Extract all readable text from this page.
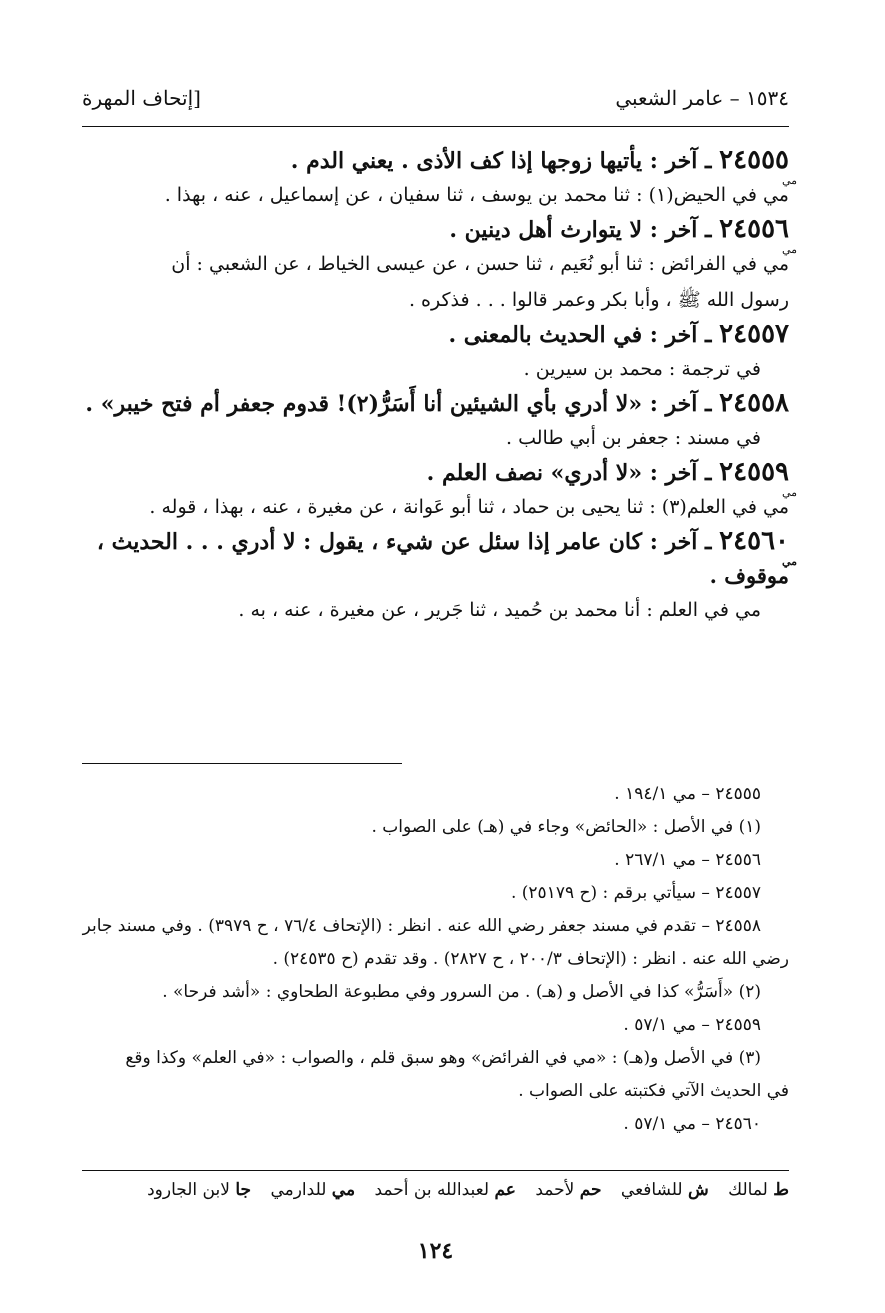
١٥٣٤ – عامر الشعبي
[إتحاف المهرة
٢٤٥٥٥ ـ آخر : يأتيها زوجها إذا كف الأذى . يعني الدم .
مي
مي في الحيض(١) : ثنا محمد بن يوسف ، ثنا سفيان ، عن إسماعيل ، عنه ، بهذا .
٢٤٥٥٦ ـ آخر : لا يتوارث أهل دينين .
مي
مي في الفرائض : ثنا أبو نُعَيم ، ثنا حسن ، عن عيسى الخياط ، عن الشعبي : أن
رسول الله ﷺ ، وأبا بكر وعمر قالوا . . . فذكره .
٢٤٥٥٧ ـ آخر : في الحديث بالمعنى .
في ترجمة : محمد بن سيرين .
٢٤٥٥٨ ـ آخر : «لا أدري بأي الشيئين أنا أَسَرُّ(٢)! قدوم جعفر أم فتح خيبر» .
في مسند : جعفر بن أبي طالب .
٢٤٥٥٩ ـ آخر : «لا أدري» نصف العلم .
مي
مي في العلم(٣) : ثنا يحيى بن حماد ، ثنا أبو عَوانة ، عن مغيرة ، عنه ، بهذا ، قوله .
٢٤٥٦٠ ـ آخر : كان عامر إذا سئل عن شيء ، يقول : لا أدري . . . الحديث ،
مي
موقوف .
مي في العلم : أنا محمد بن حُميد ، ثنا جَرير ، عن مغيرة ، عنه ، به .
٢٤٥٥٥ – مي ١٩٤/١ .
(١) في الأصل : «الحائض» وجاء في (هـ) على الصواب .
٢٤٥٥٦ – مي ٢٦٧/١ .
٢٤٥٥٧ – سيأتي برقم : (ح ٢٥١٧٩) .
٢٤٥٥٨ – تقدم في مسند جعفر رضي الله عنه . انظر : (الإتحاف ٧٦/٤ ، ح ٣٩٧٩) . وفي مسند جابر
رضي الله عنه . انظر : (الإتحاف ٢٠٠/٣ ، ح ٢٨٢٧) . وقد تقدم (ح ٢٤٥٣٥) .
(٢) «أَسَرُّ» كذا في الأصل و (هـ) . من السرور وفي مطبوعة الطحاوي : «أشد فرحا» .
٢٤٥٥٩ – مي ٥٧/١ .
(٣) في الأصل و(هـ) : «مي في الفرائض» وهو سبق قلم ، والصواب : «في العلم» وكذا وقع
في الحديث الآتي فكتبته على الصواب .
٢٤٥٦٠ – مي ٥٧/١ .
ط لمالك ش للشافعي حم لأحمد عم لعبدالله بن أحمد مي للدارمي جا لابن الجارود
١٢٤
